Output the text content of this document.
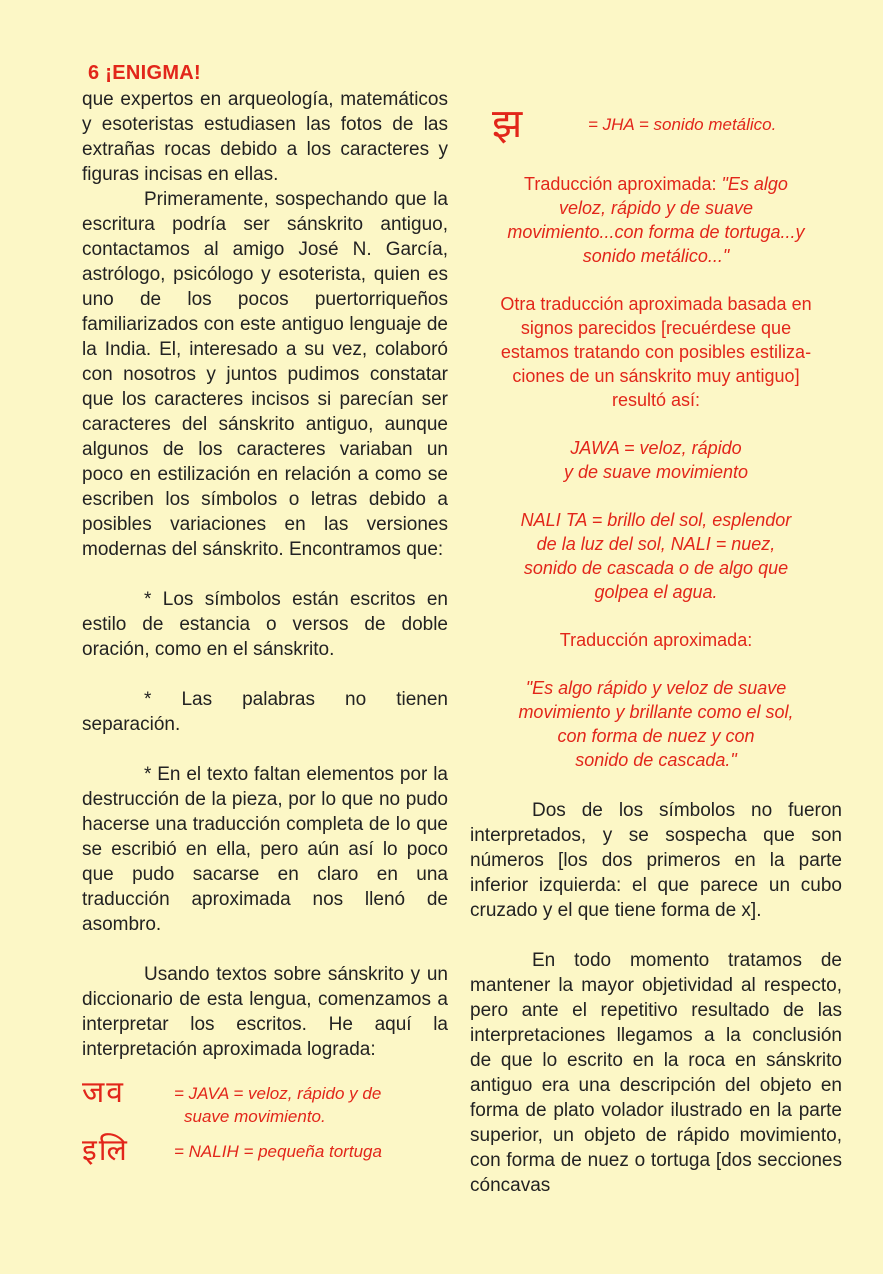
6 ¡ENIGMA!

que expertos en arqueología, matemáticos y esoteristas estudiasen las fotos de las extrañas rocas debido a los caracteres y figuras incisas en ellas.

Primeramente, sospechando que la escritura podría ser sánskrito antiguo, contactamos al amigo José N. García, astrólogo, psicólogo y esoterista, quien es uno de los pocos puertorriqueños familiarizados con este antiguo lenguaje de la India. El, interesado a su vez, colaboró con nosotros y juntos pudimos constatar que los caracteres incisos si parecían ser caracteres del sánskrito antiguo, aunque algunos de los caracteres variaban un poco en estilización en relación a como se escriben los símbolos o letras debido a posibles variaciones en las versiones modernas del sánskrito. Encontramos que:

* Los símbolos están escritos en estilo de estancia o versos de doble oración, como en el sánskrito.

* Las palabras no tienen separación.

* En el texto faltan elementos por la destrucción de la pieza, por lo que no pudo hacerse una traducción completa de lo que se escribió en ella, pero aún así lo poco que pudo sacarse en claro en una traducción aproximada nos llenó de asombro.

Usando textos sobre sánskrito y un diccionario de esta lengua, comenzamos a interpretar los escritos. He aquí la interpretación aproximada lograda:

जव	= JAVA = veloz, rápido y de
suave movimiento.
इलि	= NALIH = pequeña tortuga
झ	= JHA = sonido metálico.

Traducción aproximada: "Es algo

veloz, rápido y de suave

movimiento...con forma de tortuga...y

sonido metálico..."

Otra traducción aproximada basada en

signos parecidos [recuérdese que

estamos tratando con posibles estiliza-

ciones de un sánskrito muy antiguo]

resultó así:

JAWA = veloz, rápido

y de suave movimiento

NALI TA = brillo del sol, esplendor

de la luz del sol, NALI = nuez,

sonido de cascada o de algo que

golpea el agua.

Traducción aproximada:

"Es algo rápido y veloz de suave

movimiento y brillante como el sol,

con forma de nuez y con

sonido de cascada."

Dos de los símbolos no fueron interpretados, y se sospecha que son números [los dos primeros en la parte inferior izquierda: el que parece un cubo cruzado y el que tiene forma de x].

En todo momento tratamos de mantener la mayor objetividad al respecto, pero ante el repetitivo resultado de las interpretaciones llegamos a la conclusión de que lo escrito en la roca en sánskrito antiguo era una descripción del objeto en forma de plato volador ilustrado en la parte superior, un objeto de rápido movimiento, con forma de nuez o tortuga [dos secciones cóncavas
